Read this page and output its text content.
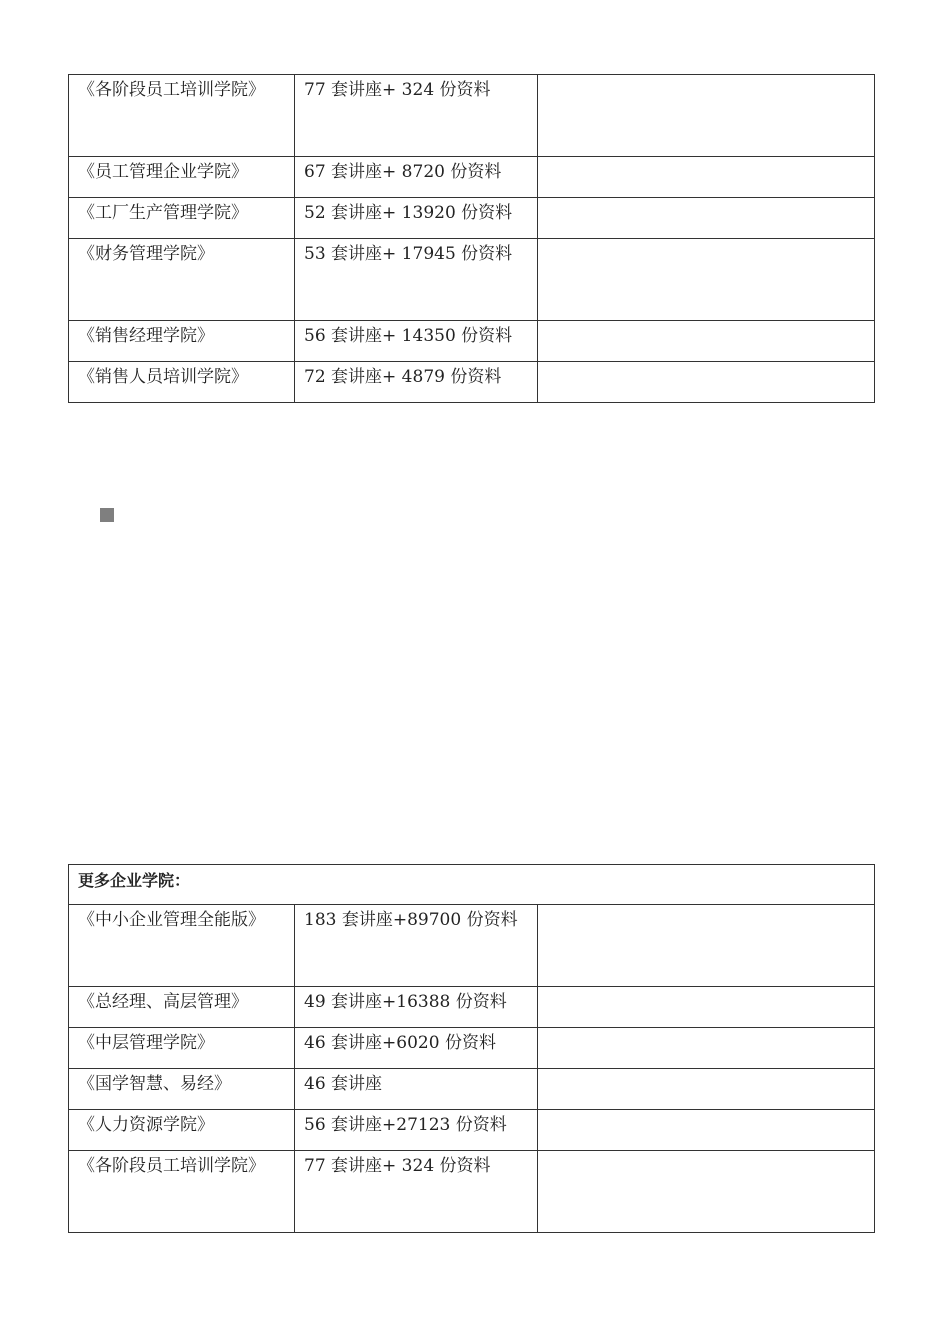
《各阶段员工培训学院》	77 套讲座+ 324 份资料	

《员工管理企业学院》	67 套讲座+ 8720 份资料	

《工厂生产管理学院》	52 套讲座+ 13920 份资料	

《财务管理学院》	53 套讲座+ 17945 份资料	

《销售经理学院》	56 套讲座+ 14350 份资料	

《销售人员培训学院》	72 套讲座+ 4879 份资料	

更多企业学院：		

《中小企业管理全能版》	183 套讲座+89700 份资料	

《总经理、高层管理》	49 套讲座+16388 份资料	

《中层管理学院》	46 套讲座+6020 份资料	

《国学智慧、易经》	46 套讲座	

《人力资源学院》	56 套讲座+27123 份资料	

《各阶段员工培训学院》	77 套讲座+ 324 份资料	
